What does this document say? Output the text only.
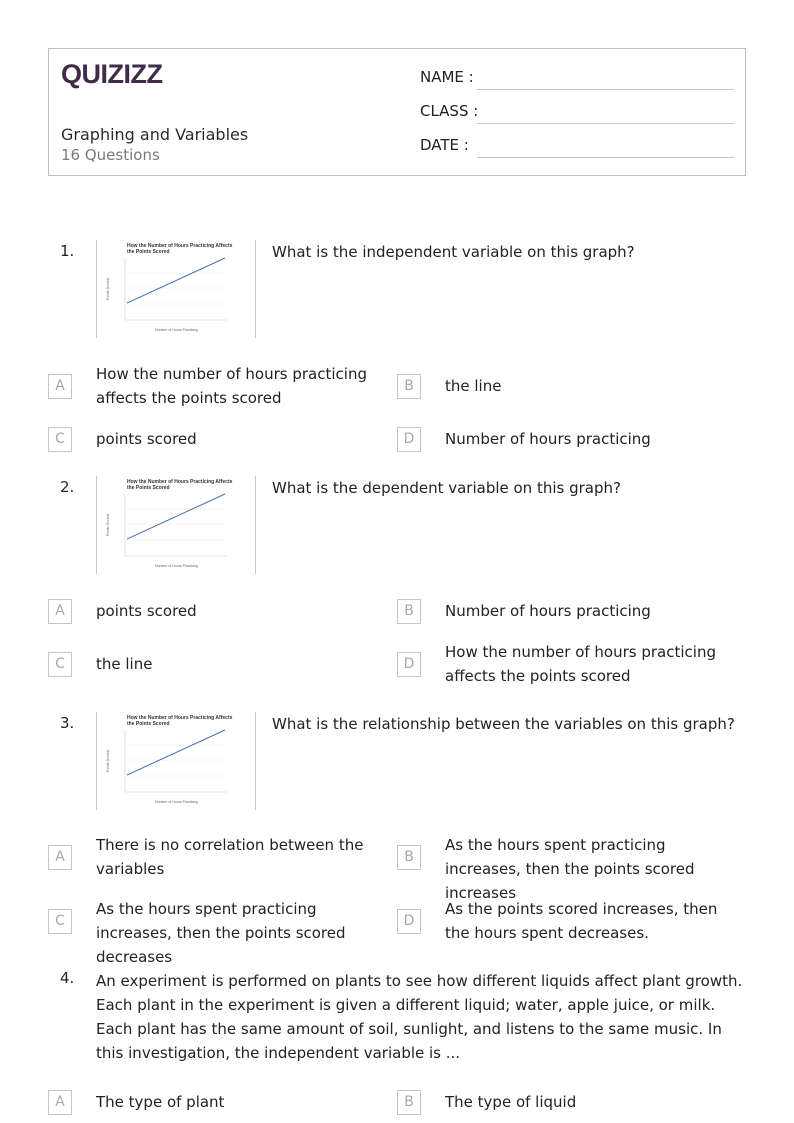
QUIZIZZ
Graphing and Variables
16 Questions
NAME :
CLASS :
DATE :
1.	How the Number of Hours Practicing Affects
the Points Scored
Points Scored
Number of Hours Practicing
What is the independent variable on this graph?
A
How the number of hours practicing affects the points scored
B	the line
C	points scored	D	Number of hours practicing
2.	How the Number of Hours Practicing Affects
the Points Scored
Points Scored
Number of Hours Practicing
What is the dependent variable on this graph?
A	points scored	B	Number of hours practicing
C	the line	D
How the number of hours practicing affects the points scored
3.	How the Number of Hours Practicing Affects
the Points Scored
Points Scored
Number of Hours Practicing
What is the relationship between the variables on this graph?
A
There is no correlation between the variables
B
As the hours spent practicing increases, then the points scored increases
C
As the hours spent practicing increases, then the points scored decreases
D
As the points scored increases, then the hours spent decreases.
4. An experiment is performed on plants to see how different liquids affect plant growth. Each plant in the experiment is given a different liquid; water, apple juice, or milk. Each plant has the same amount of soil, sunlight, and listens to the same music. In this investigation, the independent variable is ...
A	The type of plant	B	The type of liquid
